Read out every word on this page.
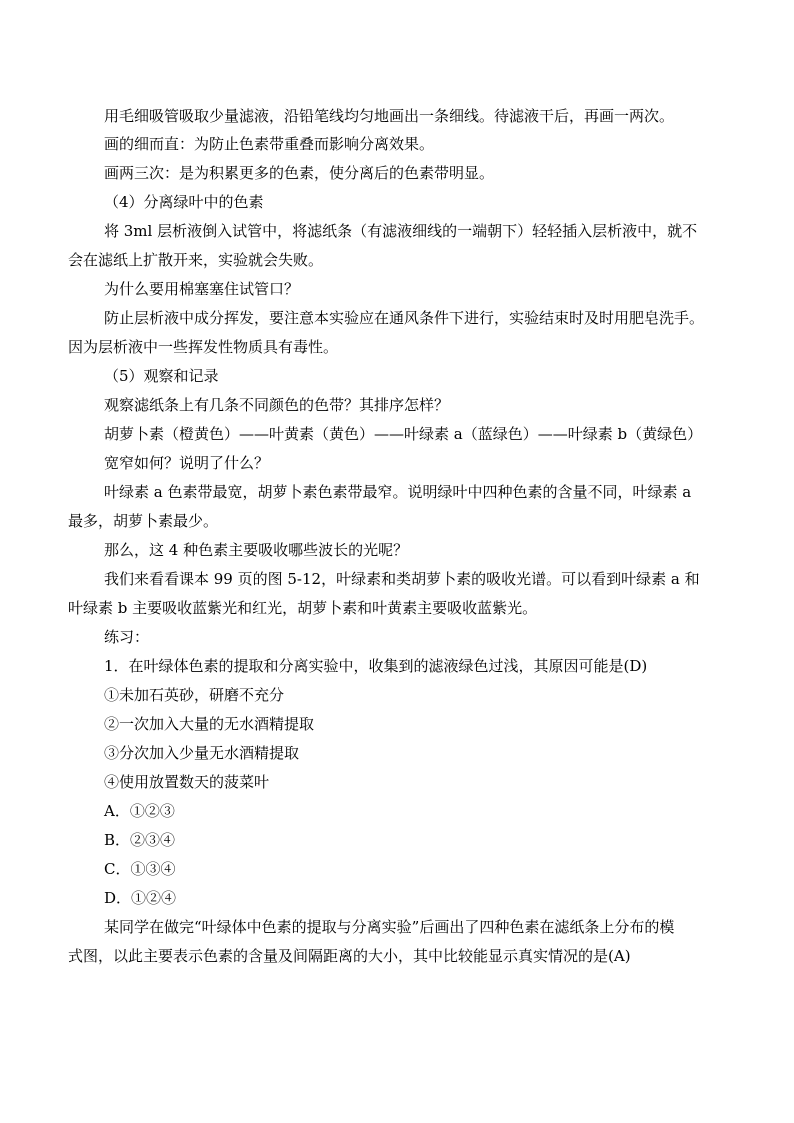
用毛细吸管吸取少量滤液，沿铅笔线均匀地画出一条细线。待滤液干后，再画一两次。
画的细而直：为防止色素带重叠而影响分离效果。
画两三次：是为积累更多的色素，使分离后的色素带明显。
（4）分离绿叶中的色素
将 3ml 层析液倒入试管中，将滤纸条（有滤液细线的一端朝下）轻轻插入层析液中，就不
会在滤纸上扩散开来，实验就会失败。
为什么要用棉塞塞住试管口？
防止层析液中成分挥发，要注意本实验应在通风条件下进行，实验结束时及时用肥皂洗手。
因为层析液中一些挥发性物质具有毒性。
（5）观察和记录
观察滤纸条上有几条不同颜色的色带？其排序怎样？
胡萝卜素（橙黄色）——叶黄素（黄色）——叶绿素 a（蓝绿色）——叶绿素 b（黄绿色）
宽窄如何？说明了什么？
叶绿素 a 色素带最宽，胡萝卜素色素带最窄。说明绿叶中四种色素的含量不同，叶绿素 a
最多，胡萝卜素最少。
那么，这 4 种色素主要吸收哪些波长的光呢？
我们来看看课本 99 页的图 5-12，叶绿素和类胡萝卜素的吸收光谱。可以看到叶绿素 a 和
叶绿素 b 主要吸收蓝紫光和红光，胡萝卜素和叶黄素主要吸收蓝紫光。
练习：
1．在叶绿体色素的提取和分离实验中，收集到的滤液绿色过浅，其原因可能是(D)
①未加石英砂，研磨不充分
②一次加入大量的无水酒精提取
③分次加入少量无水酒精提取
④使用放置数天的菠菜叶
A．①②③
B．②③④
C．①③④
D．①②④
某同学在做完“叶绿体中色素的提取与分离实验”后画出了四种色素在滤纸条上分布的模
式图，以此主要表示色素的含量及间隔距离的大小，其中比较能显示真实情况的是(A)
